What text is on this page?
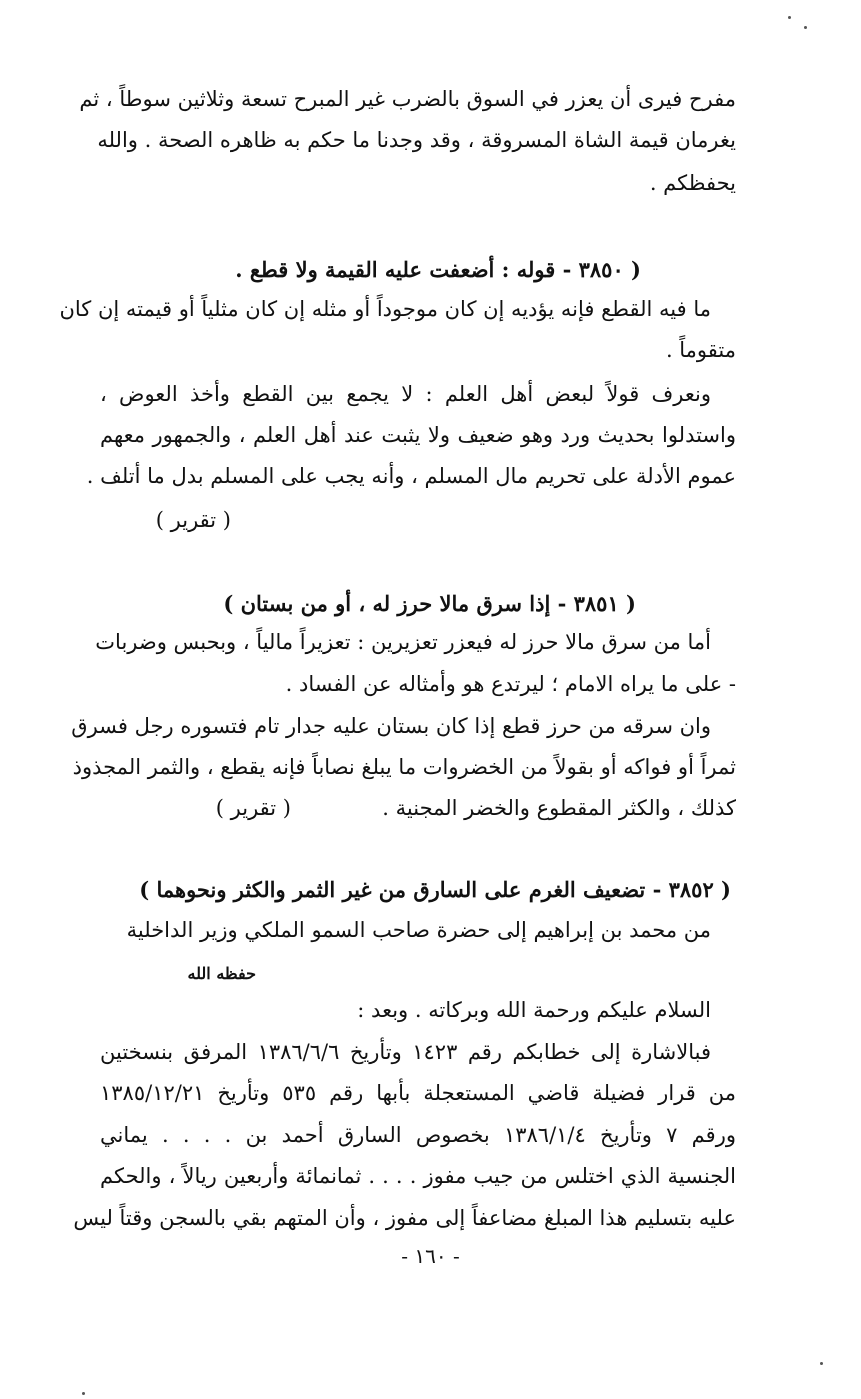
مفرح فيرى أن يعزر في السوق بالضرب غير المبرح تسعة وثلاثين سوطاً ، ثم
يغرمان قيمة الشاة المسروقة ، وقد وجدنا ما حكم به ظاهره الصحة . والله
يحفظكم .
( ٣٨٥٠ - قوله : أضعفت عليه القيمة ولا قطع .
ما فيه القطع فإنه يؤديه إن كان موجوداً أو مثله إن كان مثلياً أو قيمته إن كان
متقوماً .
ونعرف قولاً لبعض أهل العلم : لا يجمع بين القطع وأخذ العوض ،
واستدلوا بحديث ورد وهو ضعيف ولا يثبت عند أهل العلم ، والجمهور معهم
عموم الأدلة على تحريم مال المسلم ، وأنه يجب على المسلم بدل ما أتلف .
( تقرير )
( ٣٨٥١ - إذا سرق مالا حرز له ، أو من بستان )
أما من سرق مالا حرز له فيعزر تعزيرين : تعزيراً مالياً ، وبحبس وضربات
- على ما يراه الامام ؛ ليرتدع هو وأمثاله عن الفساد .
وان سرقه من حرز قطع إذا كان بستان عليه جدار تام فتسوره رجل فسرق
ثمراً أو فواكه أو بقولاً من الخضروات ما يبلغ نصاباً فإنه يقطع ، والثمر المجذوذ
كذلك ، والكثر المقطوع والخضر المجنية .
( تقرير )
( ٣٨٥٢ - تضعيف الغرم على السارق من غير الثمر والكثر ونحوهما )
من محمد بن إبراهيم إلى حضرة صاحب السمو الملكي وزير الداخلية
حفظه الله
السلام عليكم ورحمة الله وبركاته . وبعد :
فبالاشارة إلى خطابكم رقم ١٤٢٣ وتأريخ ١٣٨٦/٦/٦ المرفق بنسختين
من قرار فضيلة قاضي المستعجلة بأبها رقم ٥٣٥ وتأريخ ١٣٨٥/١٢/٢١
ورقم ٧ وتأريخ ١٣٨٦/١/٤ بخصوص السارق أحمد بن . . . . يماني
الجنسية الذي اختلس من جيب مفوز . . . . ثمانمائة وأربعين ريالاً ، والحكم
عليه بتسليم هذا المبلغ مضاعفاً إلى مفوز ، وأن المتهم بقي بالسجن وقتاً ليس
- ١٦٠ -
